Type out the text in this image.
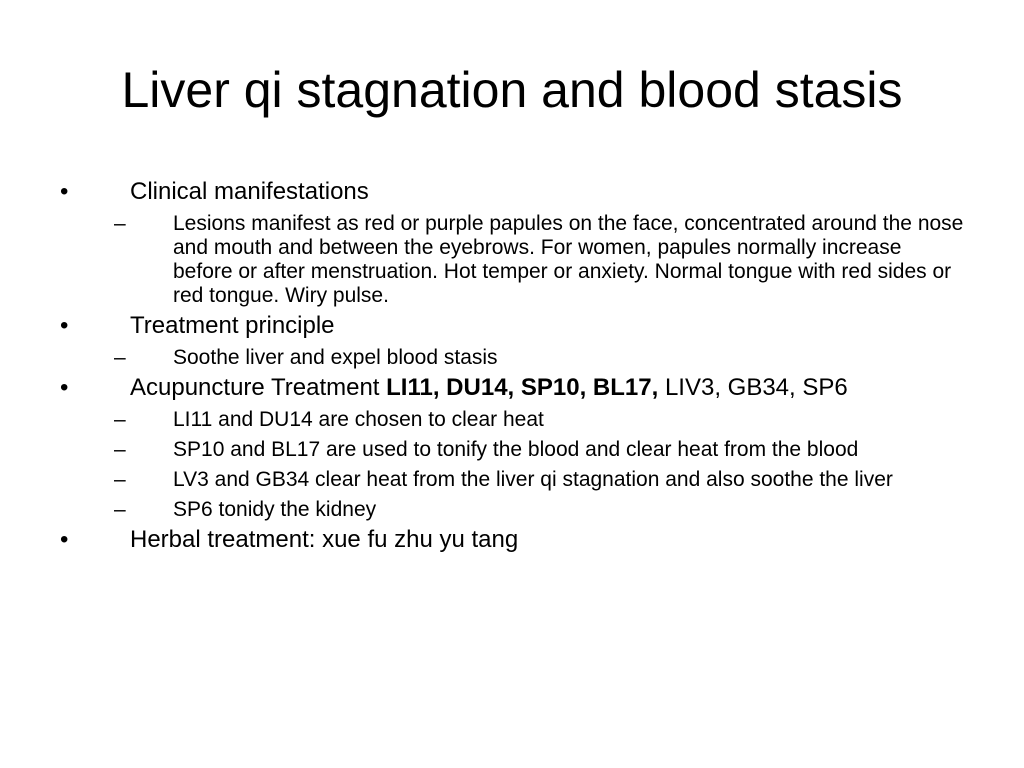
Liver qi stagnation and blood stasis
•	Clinical manifestations
– Lesions manifest as red or purple papules on the face, concentrated around the nose and mouth and between the eyebrows. For women, papules normally increase before or after menstruation. Hot temper or anxiety. Normal tongue with red sides or red tongue. Wiry pulse.
•	Treatment principle
– Soothe liver and expel blood stasis
•	Acupuncture Treatment LI11, DU14, SP10, BL17, LIV3, GB34, SP6
– LI11 and DU14 are chosen to clear heat
– SP10 and BL17 are used to tonify the blood and clear heat from the blood
– LV3 and GB34 clear heat from the liver qi stagnation and also soothe the liver
– SP6 tonidy the kidney
•	Herbal treatment: xue fu zhu yu tang
